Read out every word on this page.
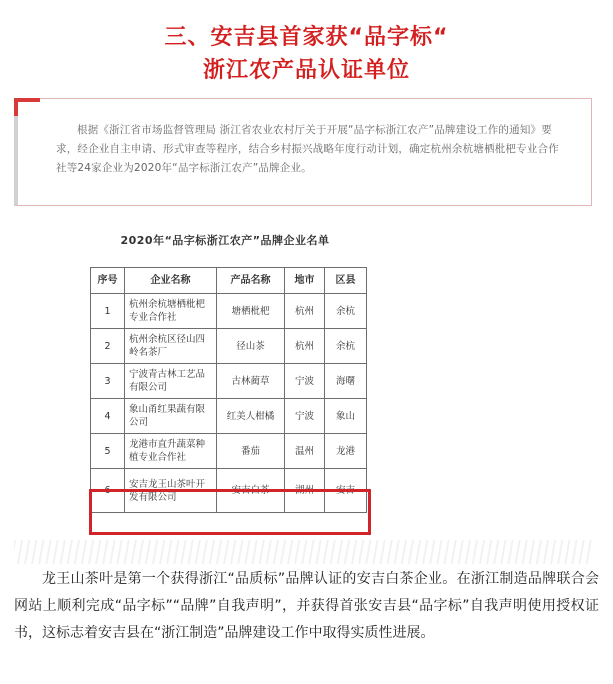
三、安吉县首家获“品字标“
浙江农产品认证单位

根据《浙江省市场监督管理局 浙江省农业农村厅关于开展“品字标浙江农产”品牌建设工作的通知》要求，经企业自主申请、形式审查等程序，结合乡村振兴战略年度行动计划，确定杭州余杭塘栖枇杷专业合作社等24家企业为2020年“品字标浙江农产”品牌企业。

2020年“品字标浙江农产”品牌企业名单
序号	企业名称	产品名称	地市	区县
1	杭州余杭塘栖枇杷专业合作社	塘栖枇杷	杭州	余杭
2	杭州余杭区径山四岭名茶厂	径山茶	杭州	余杭
3	宁波青古林工艺品有限公司	古林蔺草	宁波	海曙
4	象山甬红果蔬有限公司	红美人柑橘	宁波	象山
5	龙港市直升蔬菜种植专业合作社	番茄	温州	龙港
6	安吉龙王山茶叶开发有限公司	安吉白茶	湖州	安吉
龙王山茶叶是第一个获得浙江“品质标”品牌认证的安吉白茶企业。在浙江制造品牌联合会网站上顺利完成“品字标”“品牌”自我声明”，并获得首张安吉县“品字标”自我声明使用授权证书，这标志着安吉县在“浙江制造”品牌建设工作中取得实质性进展。
